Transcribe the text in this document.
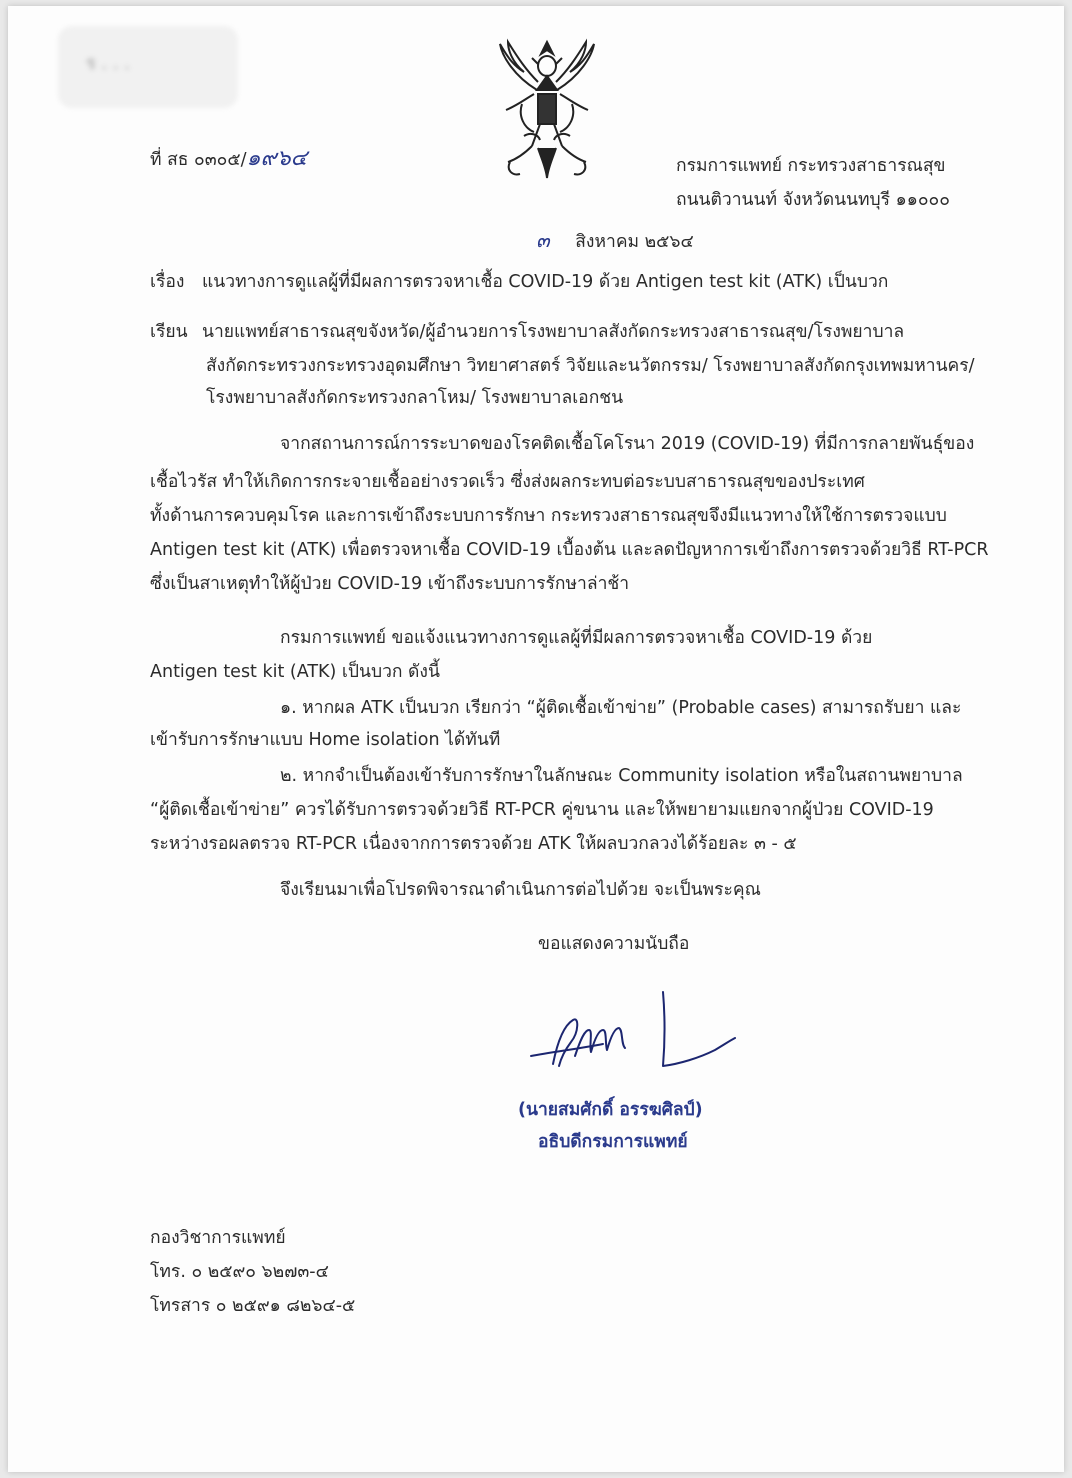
ร . . .
ที่ สธ ๐๓๐๕/๑๙๖๔	กรมการแพทย์ กระทรวงสาธารณสุข
ถนนติวานนท์ จังหวัดนนทบุรี ๑๑๐๐๐
๓ สิงหาคม ๒๕๖๔
เรื่อง แนวทางการดูแลผู้ที่มีผลการตรวจหาเชื้อ COVID-19 ด้วย Antigen test kit (ATK) เป็นบวก
เรียน นายแพทย์สาธารณสุขจังหวัด/ผู้อำนวยการโรงพยาบาลสังกัดกระทรวงสาธารณสุข/โรงพยาบาล
สังกัดกระทรวงกระทรวงอุดมศึกษา วิทยาศาสตร์ วิจัยและนวัตกรรม/ โรงพยาบาลสังกัดกรุงเทพมหานคร/
โรงพยาบาลสังกัดกระทรวงกลาโหม/ โรงพยาบาลเอกชน
จากสถานการณ์การระบาดของโรคติดเชื้อโคโรนา 2019 (COVID-19) ที่มีการกลายพันธุ์ของ
เชื้อไวรัส ทำให้เกิดการกระจายเชื้ออย่างรวดเร็ว ซึ่งส่งผลกระทบต่อระบบสาธารณสุขของประเทศ
ทั้งด้านการควบคุมโรค และการเข้าถึงระบบการรักษา กระทรวงสาธารณสุขจึงมีแนวทางให้ใช้การตรวจแบบ
Antigen test kit (ATK) เพื่อตรวจหาเชื้อ COVID-19 เบื้องต้น และลดปัญหาการเข้าถึงการตรวจด้วยวิธี RT-PCR
ซึ่งเป็นสาเหตุทำให้ผู้ป่วย COVID-19 เข้าถึงระบบการรักษาล่าช้า
กรมการแพทย์ ขอแจ้งแนวทางการดูแลผู้ที่มีผลการตรวจหาเชื้อ COVID-19 ด้วย
Antigen test kit (ATK) เป็นบวก ดังนี้
๑. หากผล ATK เป็นบวก เรียกว่า “ผู้ติดเชื้อเข้าข่าย” (Probable cases) สามารถรับยา และ
เข้ารับการรักษาแบบ Home isolation ได้ทันที
๒. หากจำเป็นต้องเข้ารับการรักษาในลักษณะ Community isolation หรือในสถานพยาบาล
“ผู้ติดเชื้อเข้าข่าย” ควรได้รับการตรวจด้วยวิธี RT-PCR คู่ขนาน และให้พยายามแยกจากผู้ป่วย COVID-19
ระหว่างรอผลตรวจ RT-PCR เนื่องจากการตรวจด้วย ATK ให้ผลบวกลวงได้ร้อยละ ๓ - ๕
จึงเรียนมาเพื่อโปรดพิจารณาดำเนินการต่อไปด้วย จะเป็นพระคุณ
ขอแสดงความนับถือ
(นายสมศักดิ์ อรรฆศิลป์)
อธิบดีกรมการแพทย์
กองวิชาการแพทย์
โทร. ๐ ๒๕๙๐ ๖๒๗๓-๔
โทรสาร ๐ ๒๕๙๑ ๘๒๖๔-๕
